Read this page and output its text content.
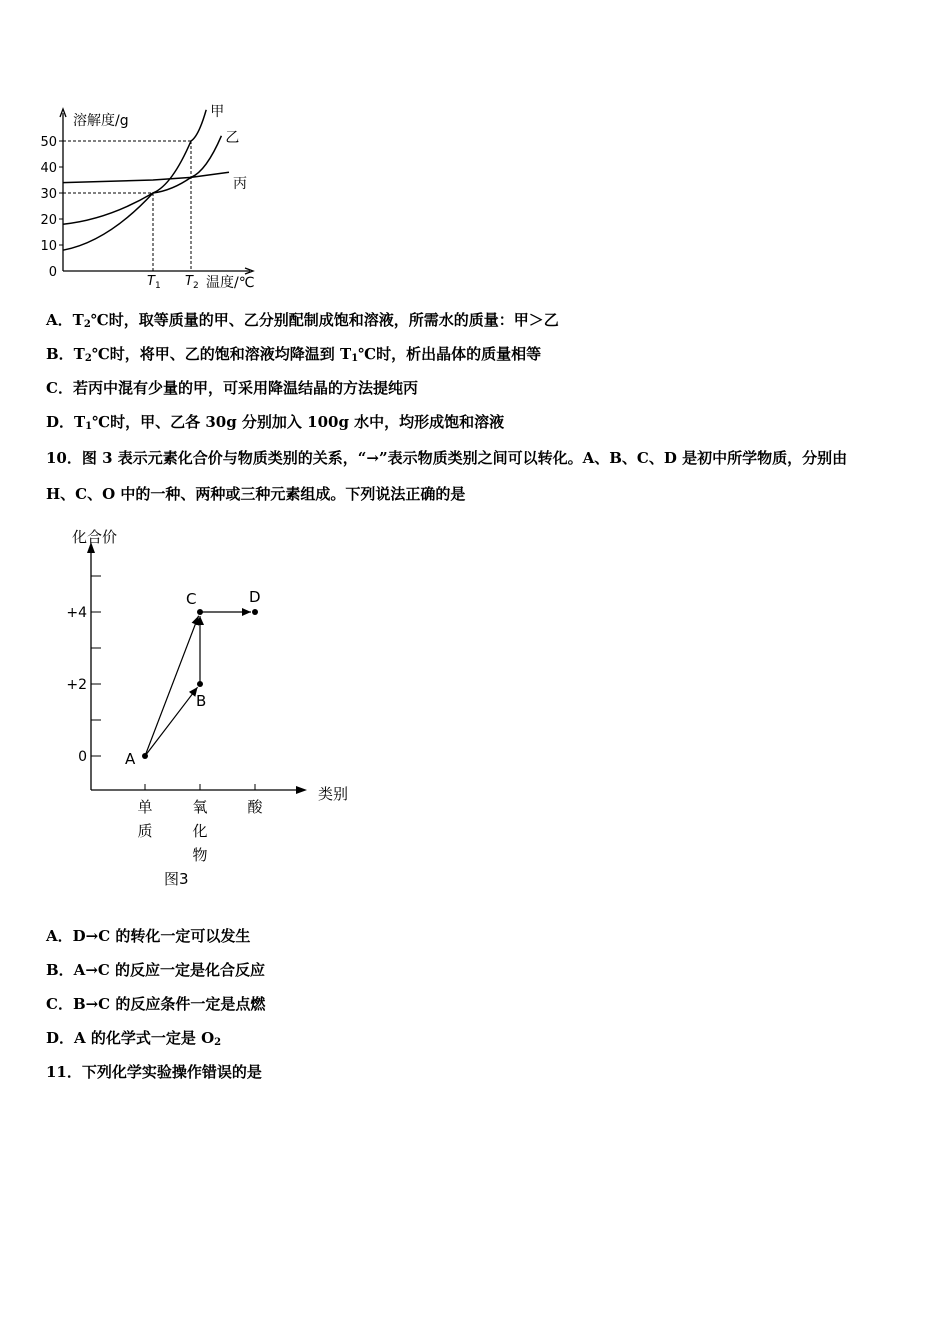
0
10
20
30
40
50
T 1 T 2
甲
乙
丙
溶解度/g
温度/℃
A．$T_2℃$时，取等质量的甲、乙分别配制成饱和溶液，所需水的质量：甲＞乙
B．$T_2℃$时，将甲、乙的饱和溶液均降温到 $T_1℃$时，析出晶体的质量相等
C．若丙中混有少量的甲，可采用降温结晶的方法提纯丙
D．$T_1℃$时，甲、乙各 30g 分别加入 100g 水中，均形成饱和溶液
10．图 3 表示元素化合价与物质类别的关系，“→”表示物质类别之间可以转化。A、B、C、D 是初中所学物质，分别由
H、C、O 中的一种、两种或三种元素组成。下列说法正确的是
0
+2
+4
A
B
C	D
单
质
氧
化
物
酸
化合价
类别
图3
A．D→C 的转化一定可以发生
B．A→C 的反应一定是化合反应
C．B→C 的反应条件一定是点燃
D．A 的化学式一定是 $O_2$
11．下列化学实验操作错误的是
